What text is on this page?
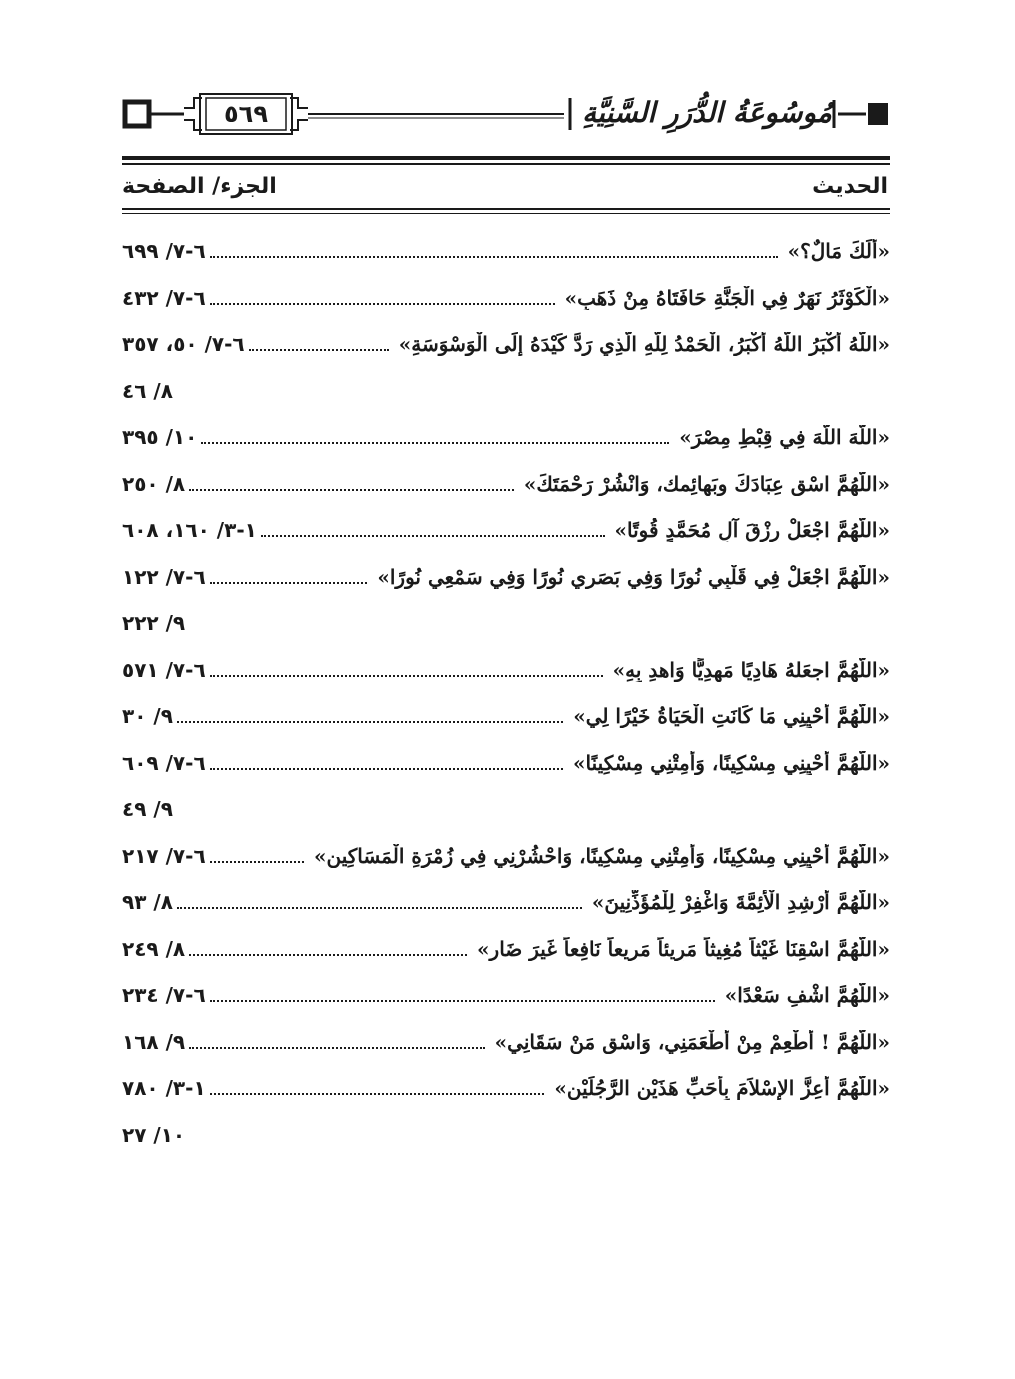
مُوسُوعَةُ الدُّرَرِ السَّنِيَّةِ
٥٦٩
الحديث
الجزء/ الصفحة
«أَلَكَ مَالٌ؟»
٦-٧/ ٦٩٩
«الْكَوْثَرُ نَهَرٌ فِي الْجَنَّةِ حَافَتَاهُ مِنْ ذَهَبٍ»
٦-٧/ ٤٣٢
«اللَّهُ أَكْبَرُ اللَّهُ أَكْبَرُ، الْحَمْدُ لِلَّهِ الَّذِي رَدَّ كَيْدَهُ إِلَى الْوَسْوَسَةِ»
٦-٧/ ٥٠، ٣٥٧
٨/ ٤٦
«اللَّهَ اللَّهَ فِي قِبْطِ مِصْرَ»
١٠/ ٣٩٥
«اللَّهُمَّ اسْقِ عِبَادَكَ وبَهائِمك، وَانْشُرْ رَحْمَتَكَ»
٨/ ٢٥٠
«اللَّهُمَّ اجْعَلْ رِزْقَ آلِ مُحَمَّدٍ قُوتًا»
١-٣/ ١٦٠، ٦٠٨
«اللَّهُمَّ اجْعَلْ فِي قَلْبِي نُورًا وَفِي بَصَرِي نُورًا وَفِي سَمْعِي نُورًا»
٦-٧/ ١٢٢
٩/ ٢٢٢
«اللَّهُمَّ اجعَلهُ هَادِيًا مَهدِيًّا وَاهدِ بِهِ»
٦-٧/ ٥٧١
«اللَّهُمَّ أَحْيِنِي مَا كَانَتِ الْحَيَاةُ خَيْرًا لِي»
٩/ ٣٠
«اللَّهُمَّ أَحْيِنِي مِسْكِينًا، وَأَمِتْنِي مِسْكِينًا»
٦-٧/ ٦٠٩
٩/ ٤٩
«اللَّهُمَّ أَحْيِنِي مِسْكِينًا، وَأَمِتْنِي مِسْكِينًا، وَاحْشُرْنِي فِي زُمْرَةِ الْمَسَاكِينِ»
٦-٧/ ٢١٧
«اللَّهُمَّ أَرْشِدِ الْأَئِمَّةَ وَاغْفِرْ لِلْمُؤَذِّنِينَ»
٨/ ٩٣
«اللَّهُمَّ اسْقِنَا غَيْثاً مُغِيثاً مَرِيئاً مَرِيعاً نَافِعاً غَيرَ ضَار»
٨/ ٢٤٩
«اللَّهُمَّ اشْفِ سَعْدًا»
٦-٧/ ٢٣٤
«اللَّهُمَّ ! أَطْعِمْ مِنْ أَطْعَمَنِي، وَاسْقِ مَنْ سَقَانِي»
٩/ ١٦٨
«اللَّهُمَّ أَعِزَّ الإِسْلاَمَ بِأَحَبِّ هَذَيْنِ الرَّجُلَيْنِ»
١-٣/ ٧٨٠
١٠/ ٢٧
